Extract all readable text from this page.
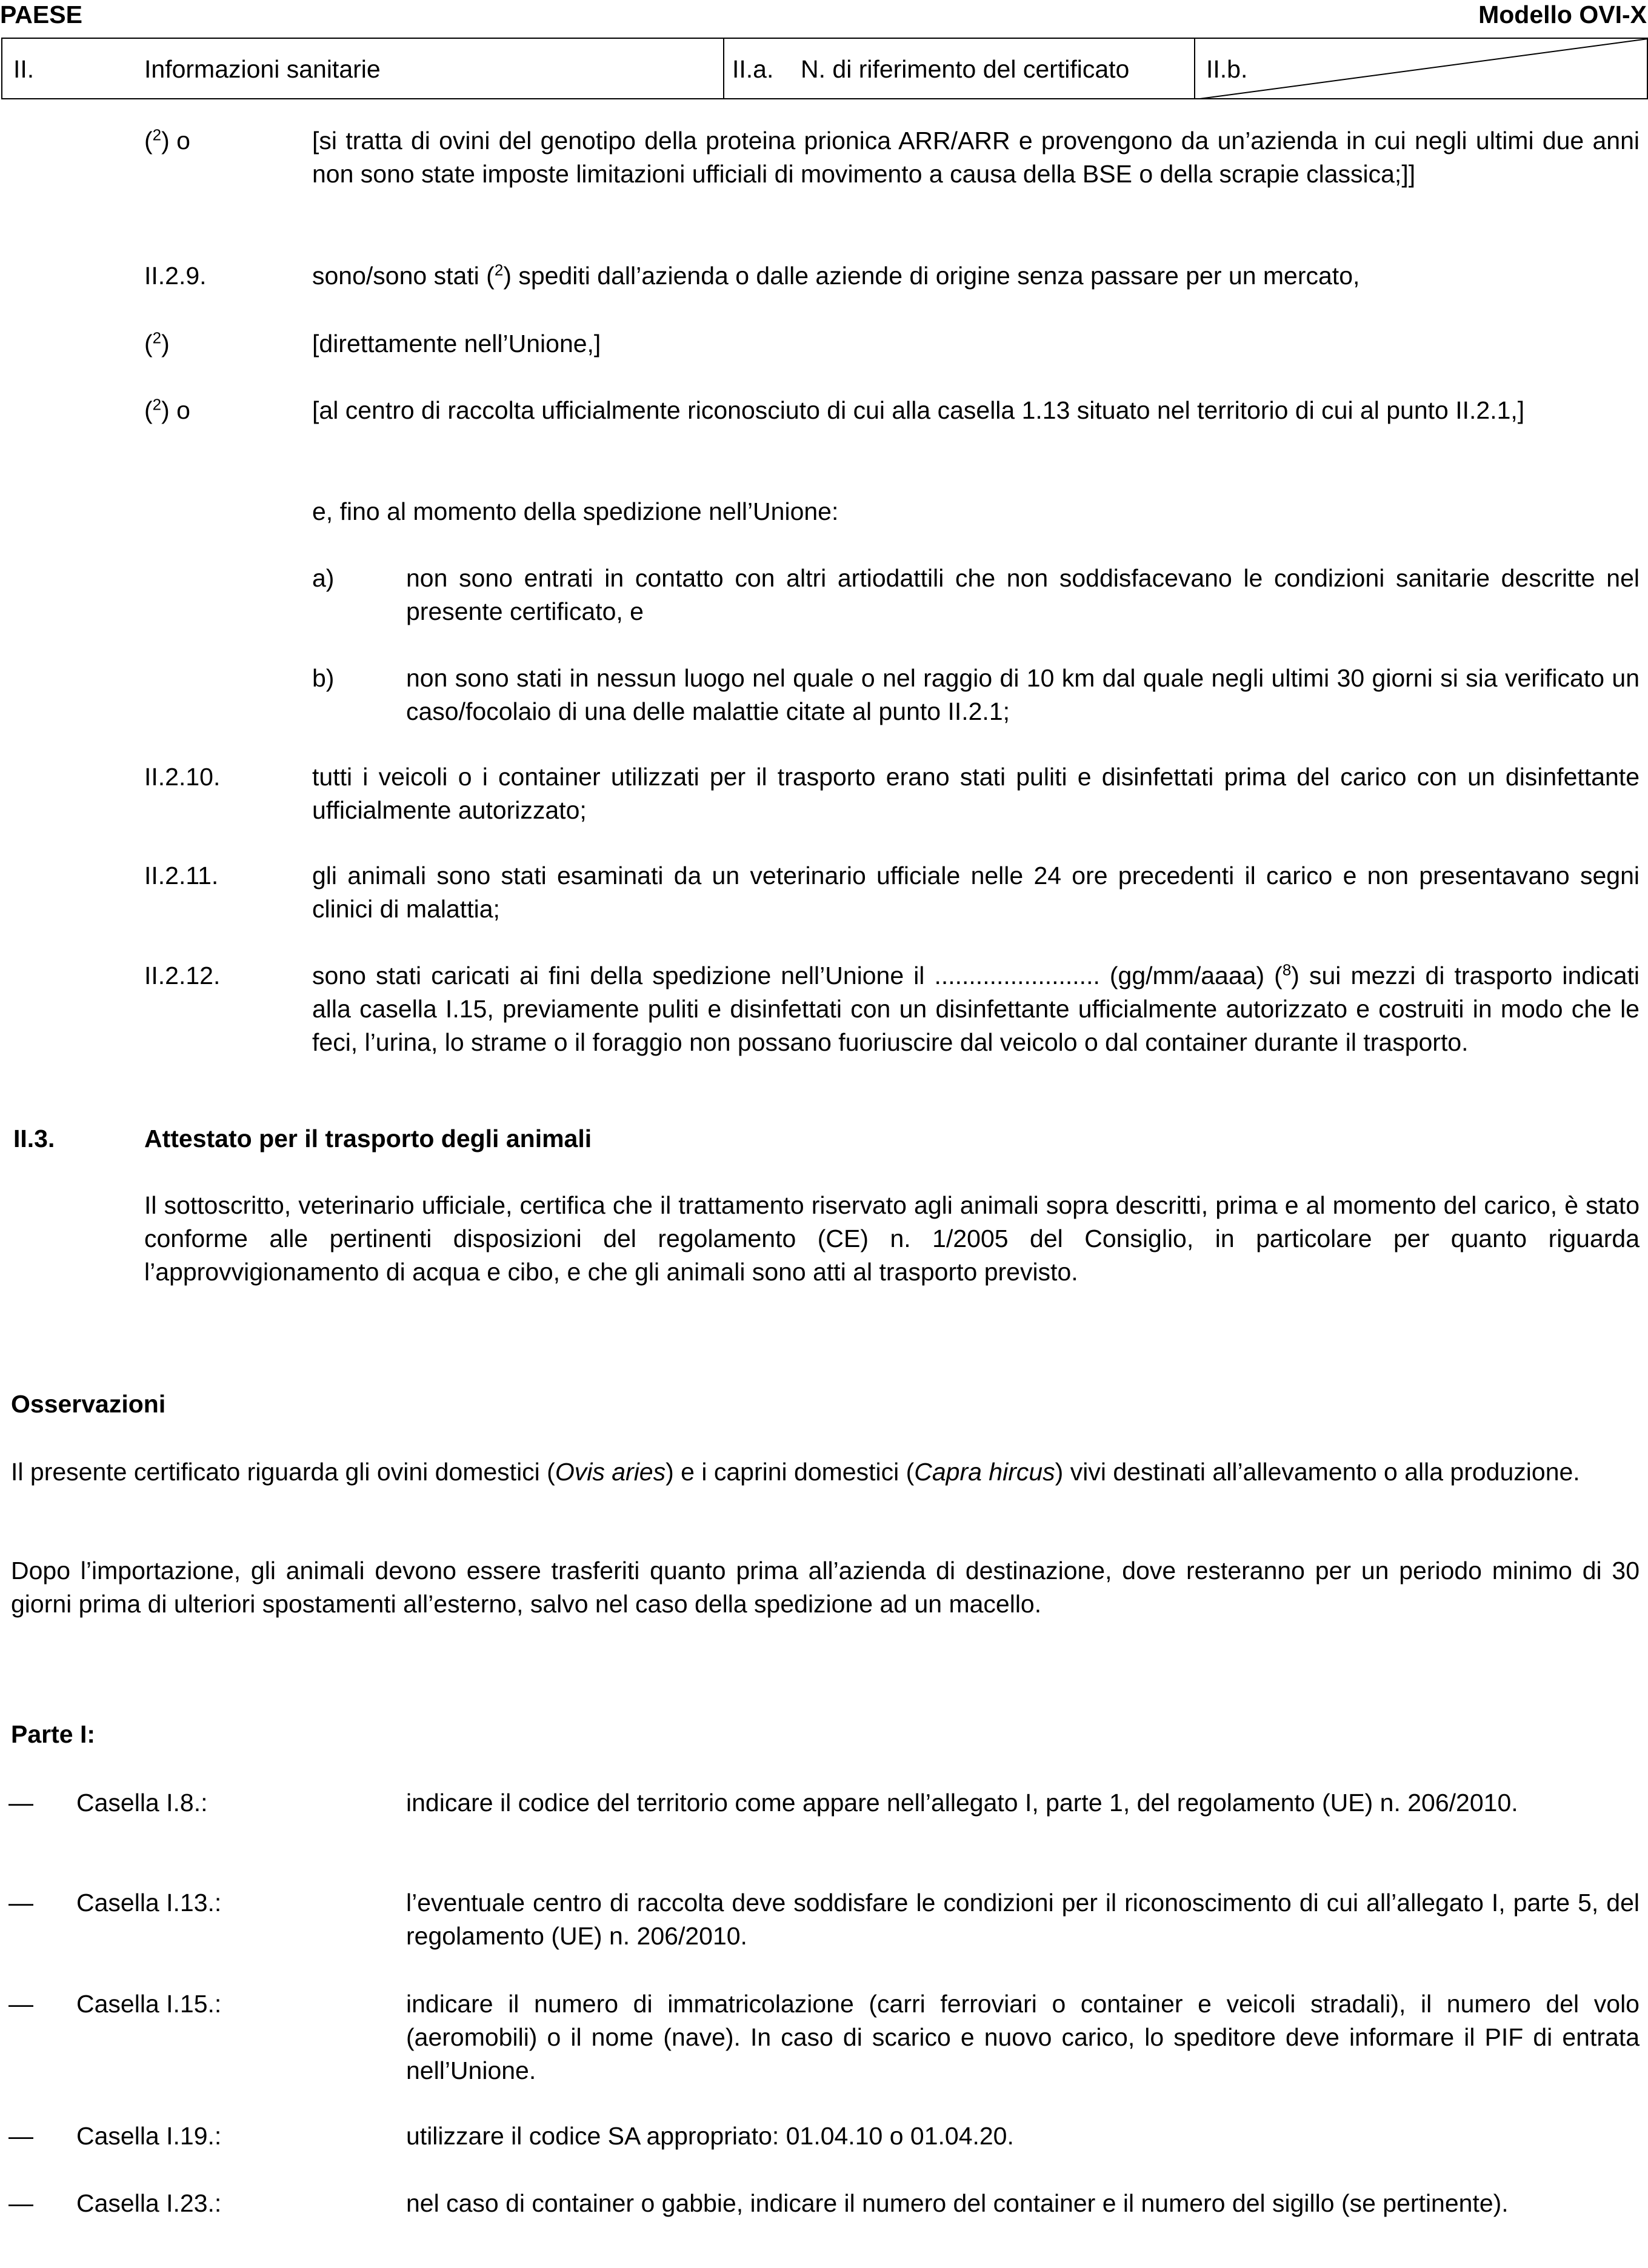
PAESE	Modello OVI-X
II.	Informazioni sanitarie	II.a. N. di riferimento del certificato	II.b.
($^2$) o	[si tratta di ovini del genotipo della proteina prionica ARR/ARR e provengono da un’azienda in cui negli ultimi due anni non sono state imposte limitazioni ufficiali di movimento a causa della BSE o della scrapie classica;]]

II.2.9.	sono/sono stati ($^2$) spediti dall’azienda o dalle aziende di origine senza passare per un mercato,

($^2$)	[direttamente nell’Unione,]

($^2$) o	[al centro di raccolta ufficialmente riconosciuto di cui alla casella 1.13 situato nel territorio di cui al punto II.2.1,]

e, fino al momento della spedizione nell’Unione:

a)	non sono entrati in contatto con altri artiodattili che non soddisfacevano le condizioni sanitarie descritte nel presente certificato, e

b)	non sono stati in nessun luogo nel quale o nel raggio di 10 km dal quale negli ultimi 30 giorni si sia verificato un caso/focolaio di una delle malattie citate al punto II.2.1;

II.2.10.	tutti i veicoli o i container utilizzati per il trasporto erano stati puliti e disinfettati prima del carico con un disinfettante ufficialmente autorizzato;

II.2.11.	gli animali sono stati esaminati da un veterinario ufficiale nelle 24 ore precedenti il carico e non presentavano segni clinici di malattia;

II.2.12.	sono stati caricati ai fini della spedizione nell’Unione il ........................ (gg/mm/aaaa) ($^8$) sui mezzi di trasporto indicati alla casella I.15, previamente puliti e disinfettati con un disinfettante ufficialmente autorizzato e costruiti in modo che le feci, l’urina, lo strame o il foraggio non possano fuoriuscire dal veicolo o dal container durante il trasporto.

II.3.	Attestato per il trasporto degli animali

Il sottoscritto, veterinario ufficiale, certifica che il trattamento riservato agli animali sopra descritti, prima e al momento del carico, è stato conforme alle pertinenti disposizioni del regolamento (CE) n. 1/2005 del Consiglio, in particolare per quanto riguarda l’approvvigionamento di acqua e cibo, e che gli animali sono atti al trasporto previsto.

Osservazioni

Il presente certificato riguarda gli ovini domestici (Ovis aries) e i caprini domestici (Capra hircus) vivi destinati all’allevamento o alla produzione.

Dopo l’importazione, gli animali devono essere trasferiti quanto prima all’azienda di destinazione, dove resteranno per un periodo minimo di 30 giorni prima di ulteriori spostamenti all’esterno, salvo nel caso della spedizione ad un macello.

Parte I:
— Casella I.8.:	indicare il codice del territorio come appare nell’allegato I, parte 1, del regolamento (UE) n. 206/2010.

— Casella I.13.:	l’eventuale centro di raccolta deve soddisfare le condizioni per il riconoscimento di cui all’allegato I, parte 5, del regolamento (UE) n. 206/2010.

— Casella I.15.:	indicare il numero di immatricolazione (carri ferroviari o container e veicoli stradali), il numero del volo (aeromobili) o il nome (nave). In caso di scarico e nuovo carico, lo speditore deve informare il PIF di entrata nell’Unione.

— Casella I.19.:	utilizzare il codice SA appropriato: 01.04.10 o 01.04.20.

— Casella I.23.:	nel caso di container o gabbie, indicare il numero del container e il numero del sigillo (se pertinente).
